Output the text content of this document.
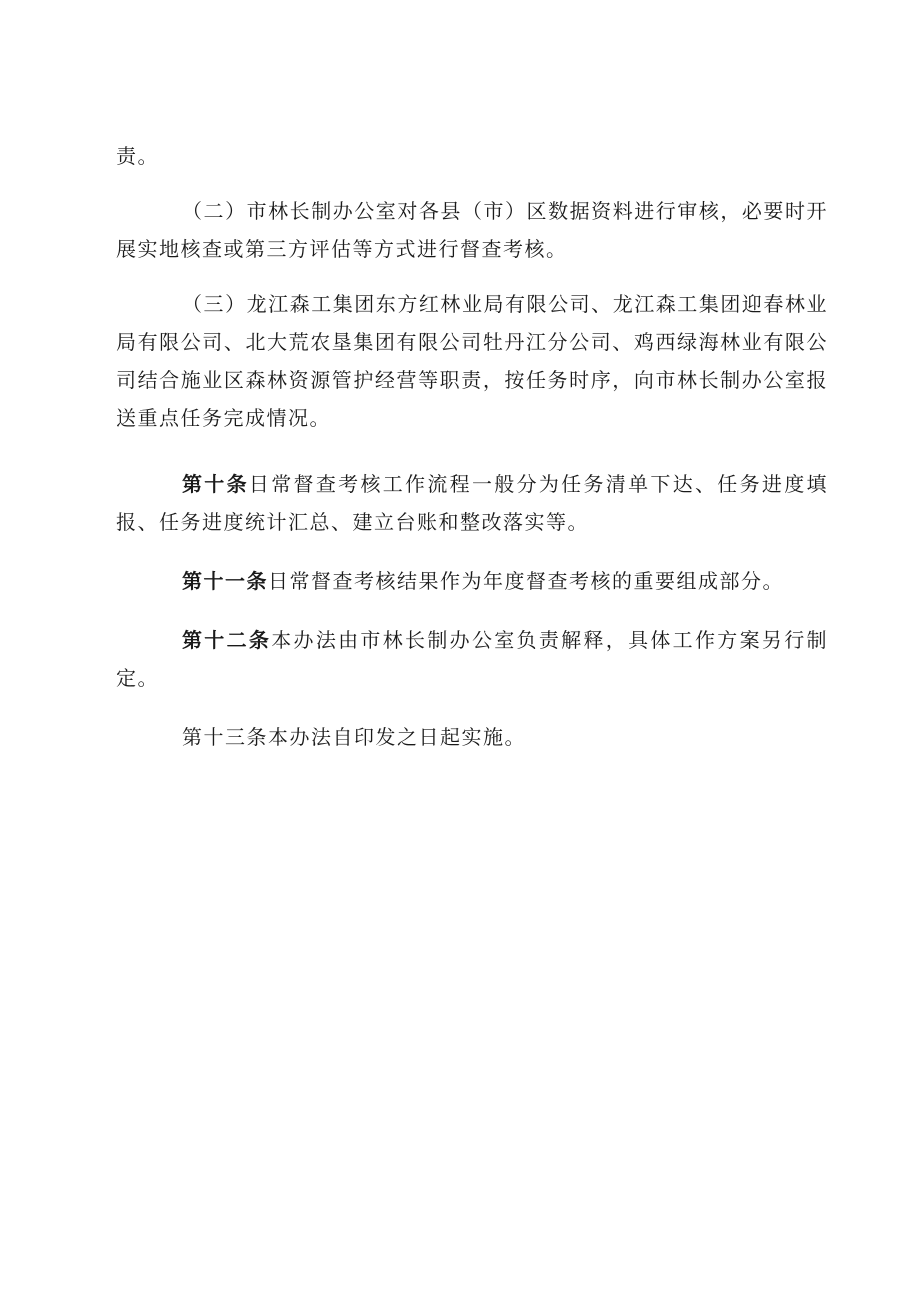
责。

（二）市林长制办公室对各县（市）区数据资料进行审核，必要时开展实地核查或第三方评估等方式进行督查考核。

（三）龙江森工集团东方红林业局有限公司、龙江森工集团迎春林业局有限公司、北大荒农垦集团有限公司牡丹江分公司、鸡西绿海林业有限公司结合施业区森林资源管护经营等职责，按任务时序，向市林长制办公室报送重点任务完成情况。

第十条日常督查考核工作流程一般分为任务清单下达、任务进度填报、任务进度统计汇总、建立台账和整改落实等。

第十一条日常督查考核结果作为年度督查考核的重要组成部分。

第十二条本办法由市林长制办公室负责解释，具体工作方案另行制定。

第十三条本办法自印发之日起实施。
